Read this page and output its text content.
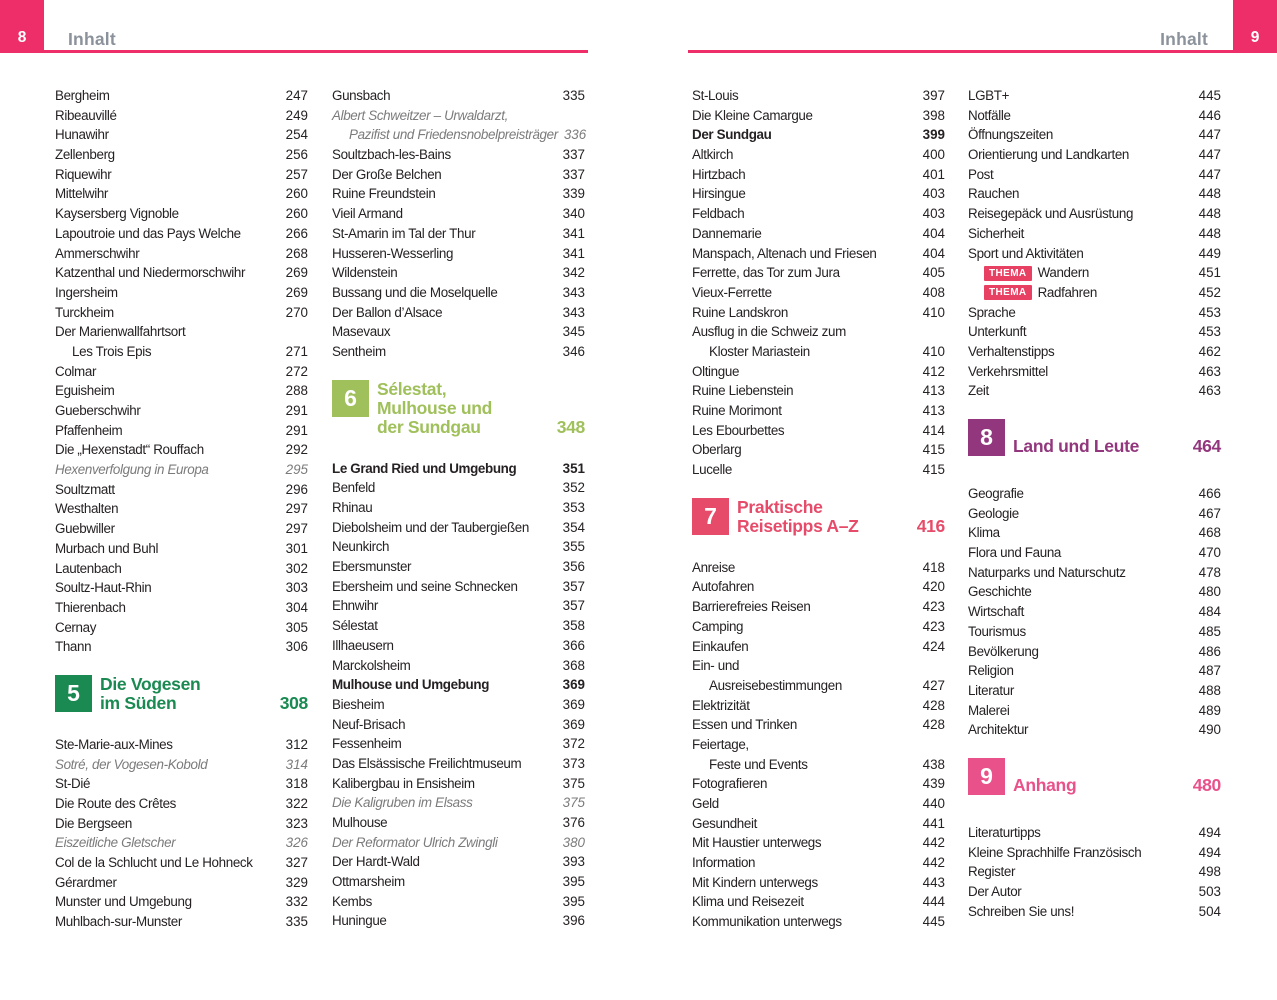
8 Inhalt	Inhalt	9
Bergheim	247
Ribeauvillé	249
Hunawihr	254
Zellenberg	256
Riquewihr	257
Mittelwihr	260
Kaysersberg Vignoble	260
Lapoutroie und das Pays Welche	266
Ammerschwihr	268
Katzenthal und Niedermorschwihr	269
Ingersheim	269
Turckheim	270
Der Marienwallfahrtsort
Les Trois Epis	271
Colmar	272
Eguisheim	288
Gueberschwihr	291
Pfaffenheim	291
Die „Hexenstadt“ Rouffach	292
Hexenverfolgung in Europa	295
Soultzmatt	296
Westhalten	297
Guebwiller	297
Murbach und Buhl	301
Lautenbach	302
Soultz-Haut-Rhin	303
Thierenbach	304
Cernay	305
Thann	306
5 Die Vogesen
im Süden	308
Ste-Marie-aux-Mines	312
Sotré, der Vogesen-Kobold	314
St-Dié	318
Die Route des Crêtes	322
Die Bergseen	323
Eiszeitliche Gletscher	326
Col de la Schlucht und Le Hohneck	327
Gérardmer	329
Munster und Umgebung	332
Muhlbach-sur-Munster	335
Gunsbach	335
Albert Schweitzer – Urwaldarzt,
Pazifist und Friedensnobelpreisträger 336
Soultzbach-les-Bains	337
Der Große Belchen	337
Ruine Freundstein	339
Vieil Armand	340
St-Amarin im Tal der Thur	341
Husseren-Wesserling	341
Wildenstein	342
Bussang und die Moselquelle	343
Der Ballon d’Alsace	343
Masevaux	345
Sentheim	346
6 Sélestat,
Mulhouse und
der Sundgau	348
Le Grand Ried und Umgebung	351
Benfeld	352
Rhinau	353
Diebolsheim und der Taubergießen	354
Neunkirch	355
Ebersmunster	356
Ebersheim und seine Schnecken	357
Ehnwihr	357
Sélestat	358
Illhaeusern	366
Marckolsheim	368
Mulhouse und Umgebung	369
Biesheim	369
Neuf-Brisach	369
Fessenheim	372
Das Elsässische Freilichtmuseum	373
Kalibergbau in Ensisheim	375
Die Kaligruben im Elsass	375
Mulhouse	376
Der Reformator Ulrich Zwingli	380
Der Hardt-Wald	393
Ottmarsheim	395
Kembs	395
Huningue	396
St-Louis	397
Die Kleine Camargue	398
Der Sundgau	399
Altkirch	400
Hirtzbach	401
Hirsingue	403
Feldbach	403
Dannemarie	404
Manspach, Altenach und Friesen	404
Ferrette, das Tor zum Jura	405
Vieux-Ferrette	408
Ruine Landskron	410
Ausflug in die Schweiz zum
Kloster Mariastein	410
Oltingue	412
Ruine Liebenstein	413
Ruine Morimont	413
Les Ebourbettes	414
Oberlarg	415
Lucelle	415
7 Praktische
Reisetipps A–Z	416
Anreise	418
Autofahren	420
Barrierefreies Reisen	423
Camping	423
Einkaufen	424
Ein- und
Ausreisebestimmungen	427
Elektrizität	428
Essen und Trinken	428
Feiertage,
Feste und Events	438
Fotografieren	439
Geld	440
Gesundheit	441
Mit Haustier unterwegs	442
Information	442
Mit Kindern unterwegs	443
Klima und Reisezeit	444
Kommunikation unterwegs	445
LGBT+	445
Notfälle	446
Öffnungszeiten	447
Orientierung und Landkarten	447
Post	447
Rauchen	448
Reisegepäck und Ausrüstung	448
Sicherheit	448
Sport und Aktivitäten	449
THEMA Wandern	451
THEMA Radfahren	452
Sprache	453
Unterkunft	453
Verhaltenstipps	462
Verkehrsmittel	463
Zeit	463
8 Land und Leute	464
Geografie	466
Geologie	467
Klima	468
Flora und Fauna	470
Naturparks und Naturschutz	478
Geschichte	480
Wirtschaft	484
Tourismus	485
Bevölkerung	486
Religion	487
Literatur	488
Malerei	489
Architektur	490
9 Anhang	480
Literaturtipps	494
Kleine Sprachhilfe Französisch	494
Register	498
Der Autor	503
Schreiben Sie uns!	504
